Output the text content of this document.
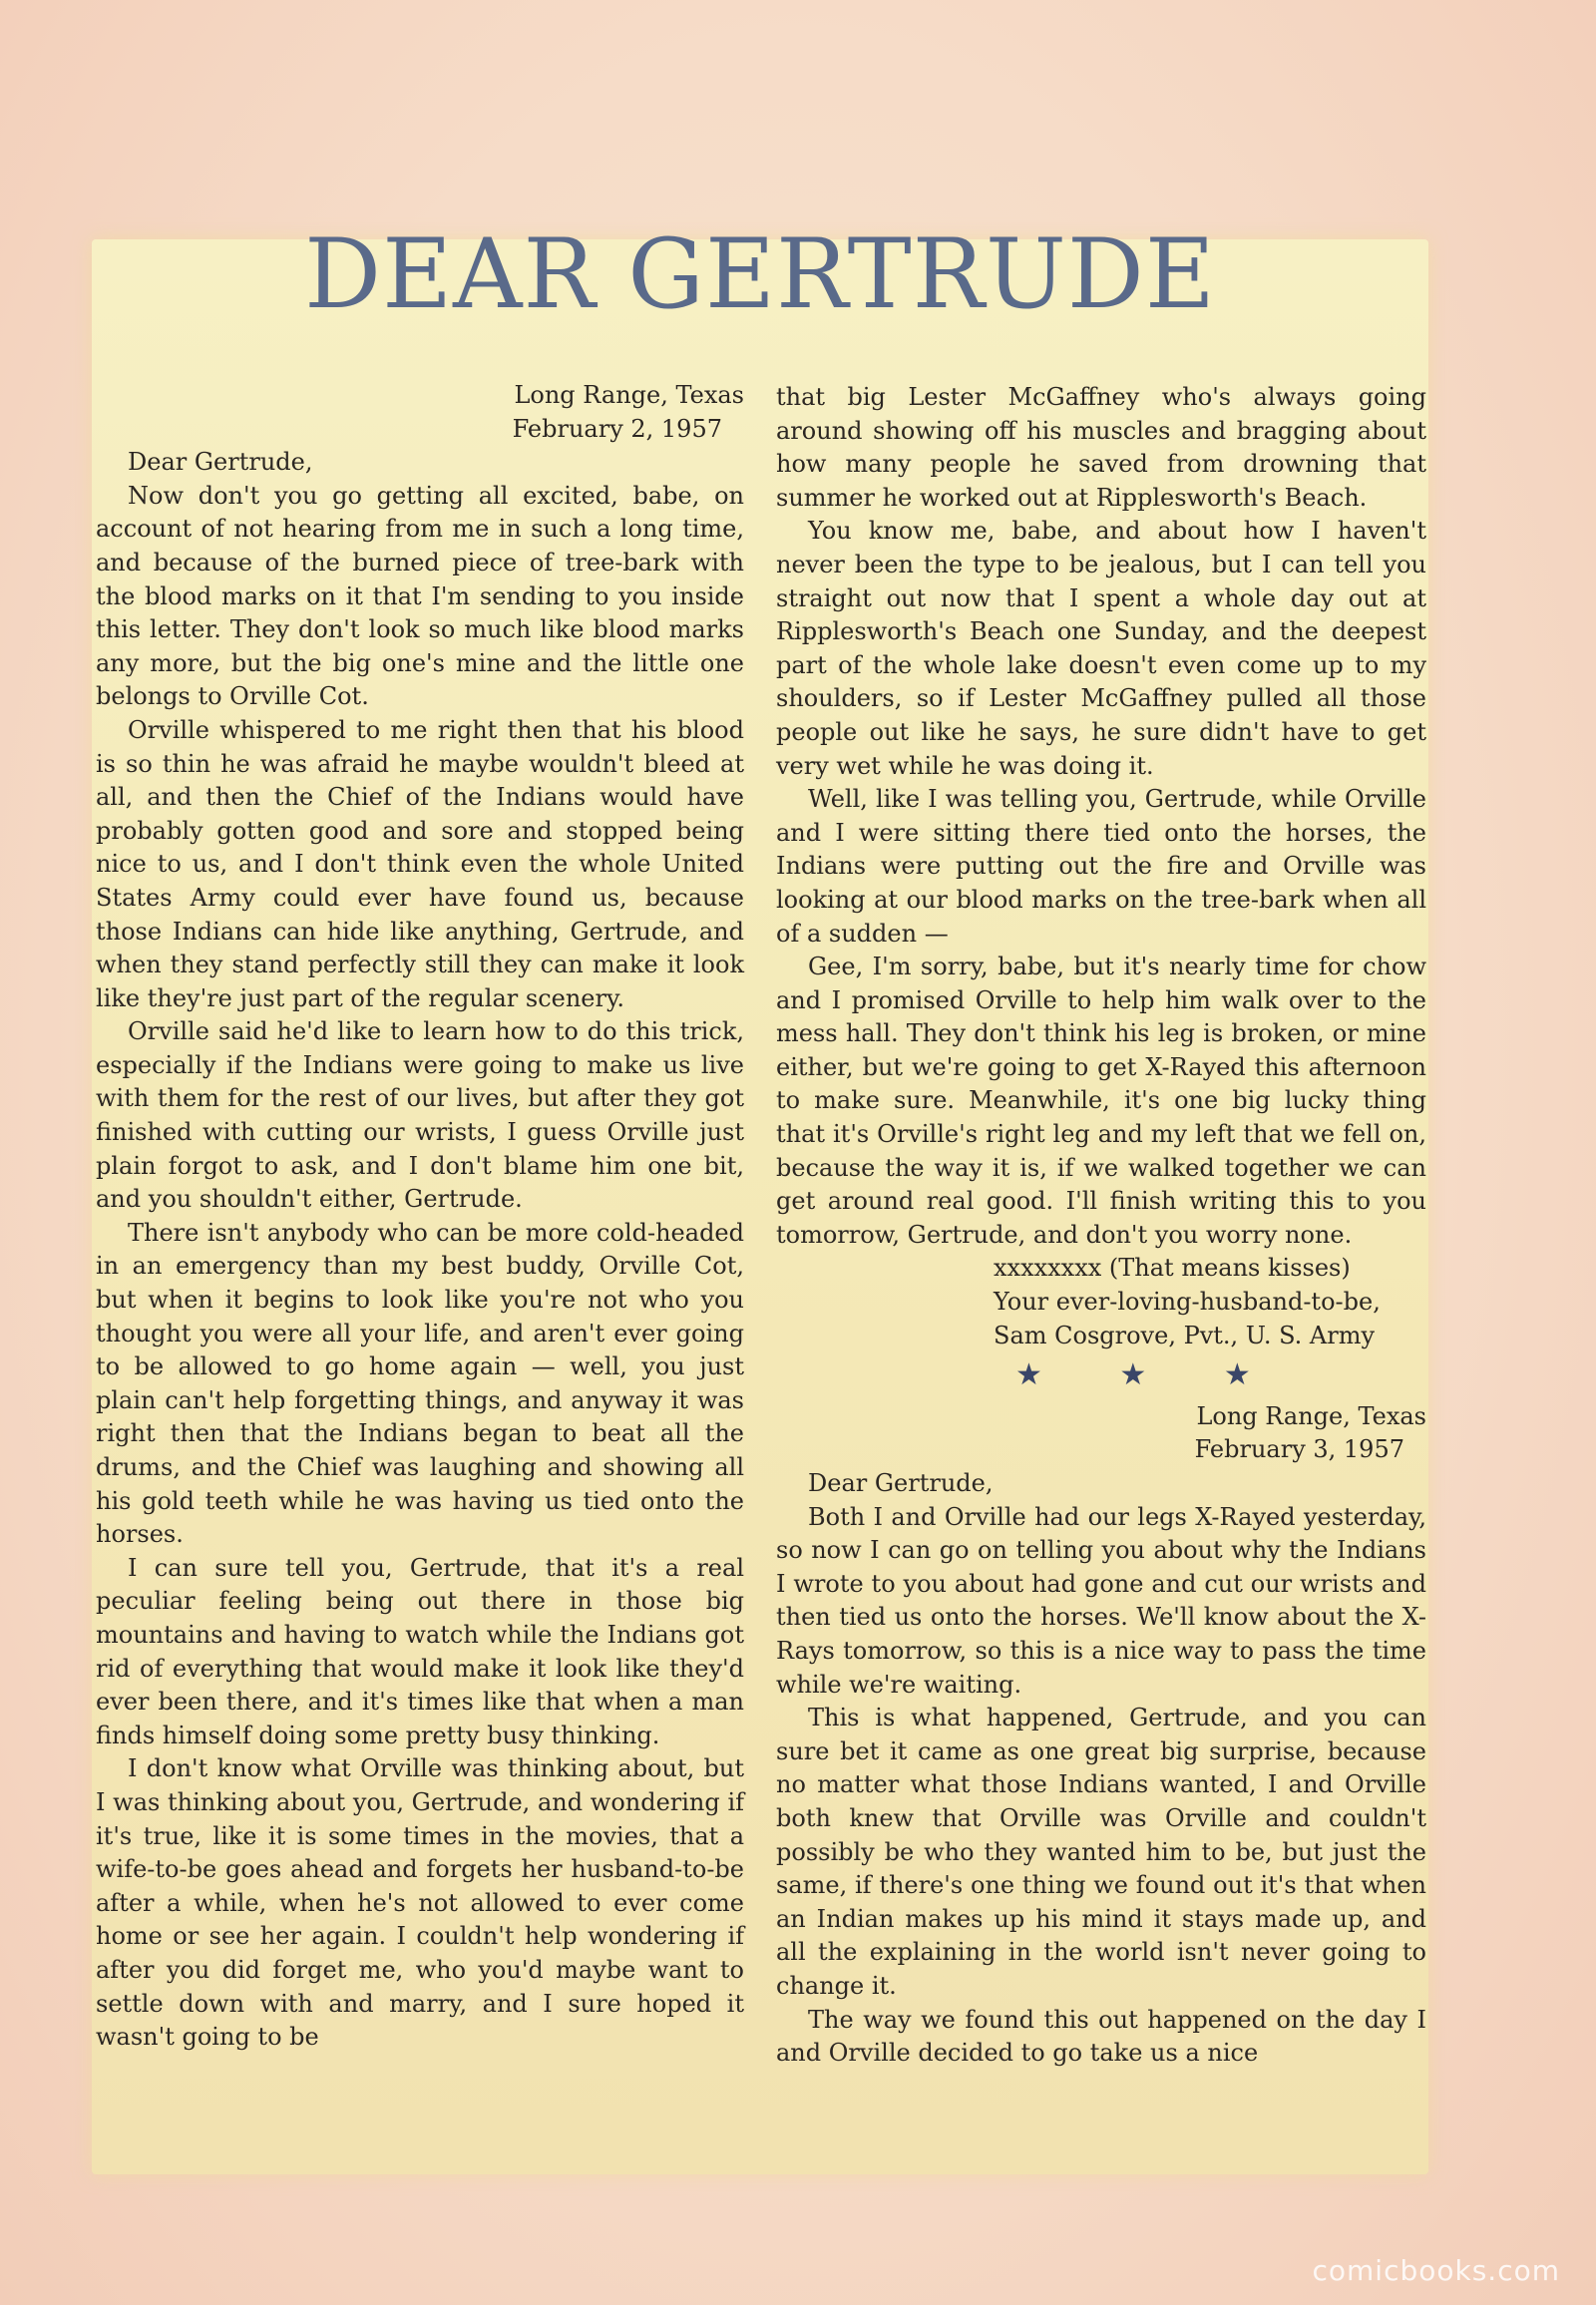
DEAR GERTRUDE
Long Range, Texas
February 2, 1957

Dear Gertrude,

Now don't you go getting all excited, babe, on account of not hearing from me in such a long time, and because of the burned piece of tree-bark with the blood marks on it that I'm sending to you inside this letter. They don't look so much like blood marks any more, but the big one's mine and the little one belongs to Orville Cot.

Orville whispered to me right then that his blood is so thin he was afraid he maybe wouldn't bleed at all, and then the Chief of the Indians would have probably gotten good and sore and stopped being nice to us, and I don't think even the whole United States Army could ever have found us, because those Indians can hide like anything, Gertrude, and when they stand perfectly still they can make it look like they're just part of the regular scenery.

Orville said he'd like to learn how to do this trick, especially if the Indians were going to make us live with them for the rest of our lives, but after they got finished with cutting our wrists, I guess Orville just plain forgot to ask, and I don't blame him one bit, and you shouldn't either, Gertrude.

There isn't anybody who can be more cold-headed in an emergency than my best buddy, Orville Cot, but when it begins to look like you're not who you thought you were all your life, and aren't ever going to be allowed to go home again — well, you just plain can't help forgetting things, and anyway it was right then that the Indians began to beat all the drums, and the Chief was laughing and showing all his gold teeth while he was having us tied onto the horses.

I can sure tell you, Gertrude, that it's a real peculiar feeling being out there in those big mountains and having to watch while the Indians got rid of everything that would make it look like they'd ever been there, and it's times like that when a man finds himself doing some pretty busy thinking.

I don't know what Orville was thinking about, but I was thinking about you, Gertrude, and wondering if it's true, like it is some times in the movies, that a wife-to-be goes ahead and forgets her husband-to-be after a while, when he's not allowed to ever come home or see her again. I couldn't help wondering if after you did forget me, who you'd maybe want to settle down with and marry, and I sure hoped it wasn't going to be

that big Lester McGaffney who's always going around showing off his muscles and bragging about how many people he saved from drowning that summer he worked out at Ripplesworth's Beach.

You know me, babe, and about how I haven't never been the type to be jealous, but I can tell you straight out now that I spent a whole day out at Ripplesworth's Beach one Sunday, and the deepest part of the whole lake doesn't even come up to my shoulders, so if Lester McGaffney pulled all those people out like he says, he sure didn't have to get very wet while he was doing it.

Well, like I was telling you, Gertrude, while Orville and I were sitting there tied onto the horses, the Indians were putting out the fire and Orville was looking at our blood marks on the tree-bark when all of a sudden —

Gee, I'm sorry, babe, but it's nearly time for chow and I promised Orville to help him walk over to the mess hall. They don't think his leg is broken, or mine either, but we're going to get X-Rayed this afternoon to make sure. Meanwhile, it's one big lucky thing that it's Orville's right leg and my left that we fell on, because the way it is, if we walked together we can get around real good. I'll finish writing this to you tomorrow, Gertrude, and don't you worry none.

xxxxxxxx (That means kisses)
Your ever-loving-husband-to-be,
Sam Cosgrove, Pvt., U. S. Army
★ ★ ★
Long Range, Texas
February 3, 1957

Dear Gertrude,

Both I and Orville had our legs X-Rayed yesterday, so now I can go on telling you about why the Indians I wrote to you about had gone and cut our wrists and then tied us onto the horses. We'll know about the X-Rays tomorrow, so this is a nice way to pass the time while we're waiting.

This is what happened, Gertrude, and you can sure bet it came as one great big surprise, because no matter what those Indians wanted, I and Orville both knew that Orville was Orville and couldn't possibly be who they wanted him to be, but just the same, if there's one thing we found out it's that when an Indian makes up his mind it stays made up, and all the explaining in the world isn't never going to change it.

The way we found this out happened on the day I and Orville decided to go take us a nice

comicbooks.com
